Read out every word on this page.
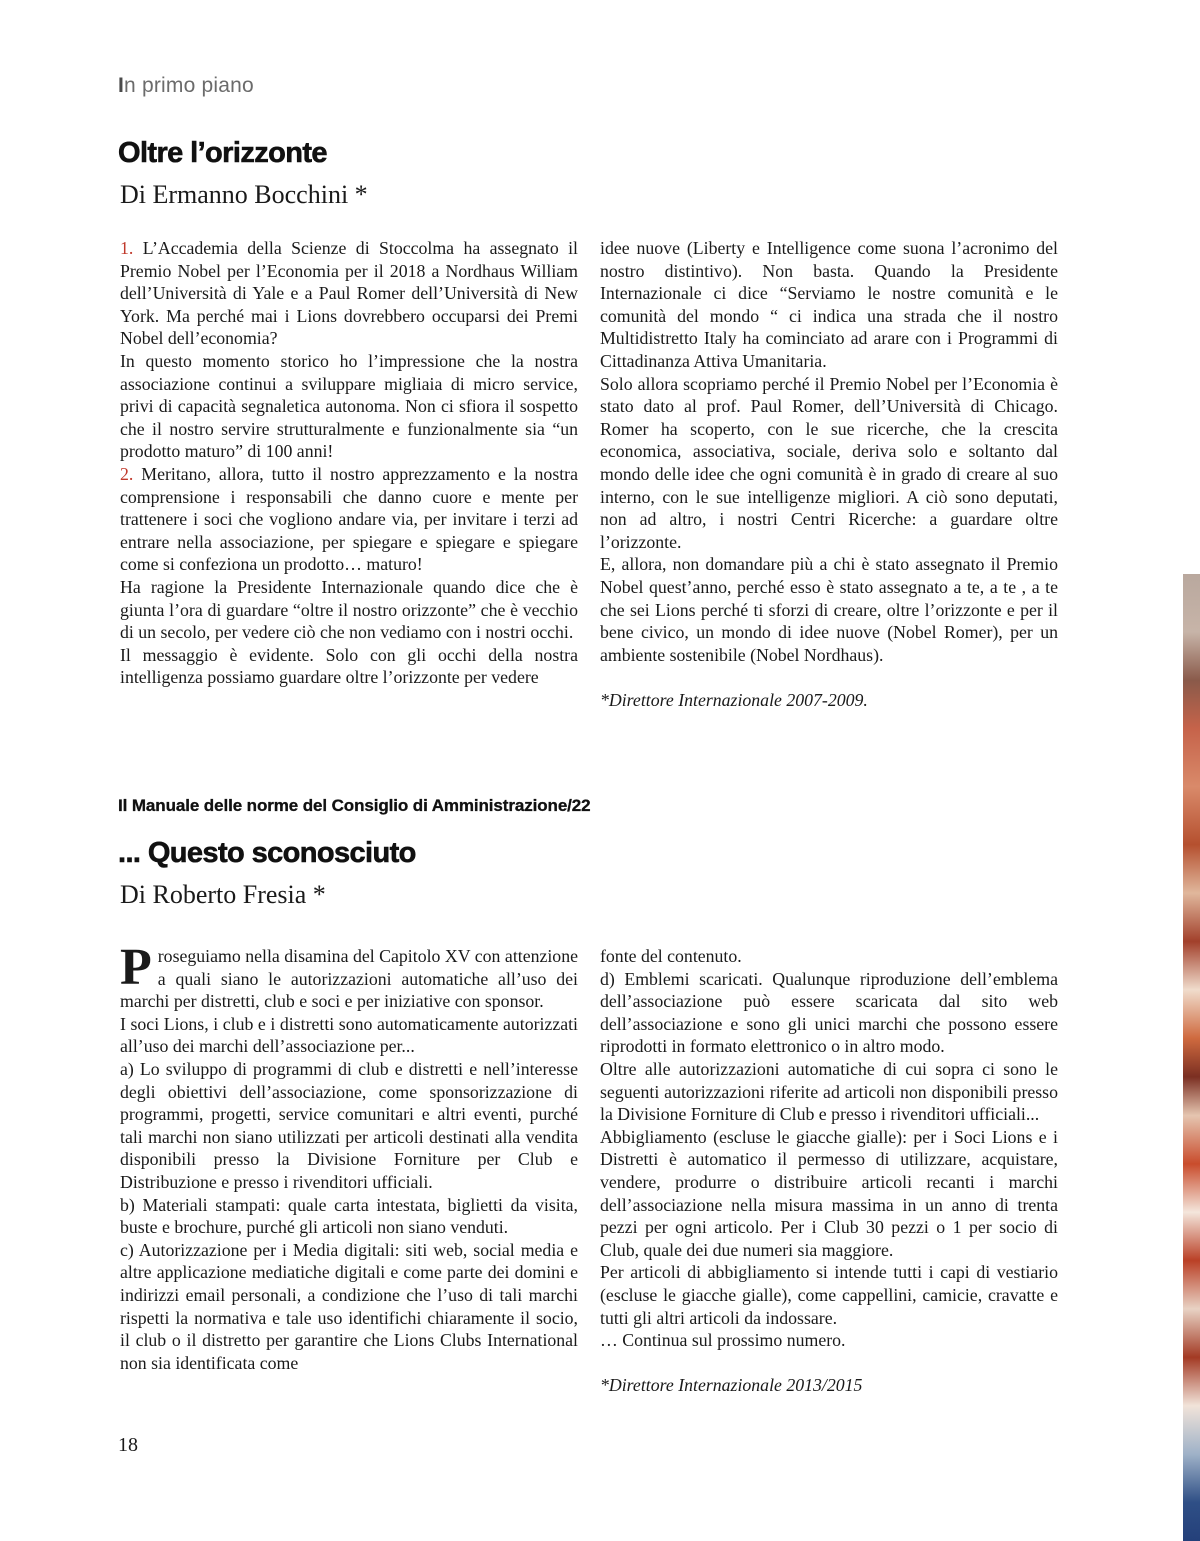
In primo piano
Oltre l’orizzonte
Di Ermanno Bocchini *

1. L’Accademia della Scienze di Stoccolma ha assegnato il Premio Nobel per l’Economia per il 2018 a Nordhaus William dell’Università di Yale e a Paul Romer dell’Università di New York. Ma perché mai i Lions dovrebbero occuparsi dei Premi Nobel dell’economia?

In questo momento storico ho l’impressione che la nostra associazione continui a sviluppare migliaia di micro service, privi di capacità segnaletica autonoma. Non ci sfiora il sospetto che il nostro servire strutturalmente e funzionalmente sia “un prodotto maturo” di 100 anni!

2. Meritano, allora, tutto il nostro apprezzamento e la nostra comprensione i responsabili che danno cuore e mente per trattenere i soci che vogliono andare via, per invitare i terzi ad entrare nella associazione, per spiegare e spiegare e spiegare come si confeziona un prodotto… maturo!

Ha ragione la Presidente Internazionale quando dice che è giunta l’ora di guardare “oltre il nostro orizzonte” che è vecchio di un secolo, per vedere ciò che non vediamo con i nostri occhi.

Il messaggio è evidente. Solo con gli occhi della nostra intelligenza possiamo guardare oltre l’orizzonte per vedere

idee nuove (Liberty e Intelligence come suona l’acronimo del nostro distintivo). Non basta. Quando la Presidente Internazionale ci dice “Serviamo le nostre comunità e le comunità del mondo “ ci indica una strada che il nostro Multidistretto Italy ha cominciato ad arare con i Programmi di Cittadinanza Attiva Umanitaria.

Solo allora scopriamo perché il Premio Nobel per l’Economia è stato dato al prof. Paul Romer, dell’Università di Chicago. Romer ha scoperto, con le sue ricerche, che la crescita economica, associativa, sociale, deriva solo e soltanto dal mondo delle idee che ogni comunità è in grado di creare al suo interno, con le sue intelligenze migliori. A ciò sono deputati, non ad altro, i nostri Centri Ricerche: a guardare oltre l’orizzonte.

E, allora, non domandare più a chi è stato assegnato il Premio Nobel quest’anno, perché esso è stato assegnato a te, a te , a te che sei Lions perché ti sforzi di creare, oltre l’orizzonte e per il bene civico, un mondo di idee nuove (Nobel Romer), per un ambiente sostenibile (Nobel Nordhaus).

*Direttore Internazionale 2007-2009.

Il Manuale delle norme del Consiglio di Amministrazione/22
... Questo sconosciuto
Di Roberto Fresia *

Proseguiamo nella disamina del Capitolo XV con attenzione a quali siano le autorizzazioni automatiche all’uso dei marchi per distretti, club e soci e per iniziative con sponsor.

I soci Lions, i club e i distretti sono automaticamente autorizzati all’uso dei marchi dell’associazione per...

a) Lo sviluppo di programmi di club e distretti e nell’interesse degli obiettivi dell’associazione, come sponsorizzazione di programmi, progetti, service comunitari e altri eventi, purché tali marchi non siano utilizzati per articoli destinati alla vendita disponibili presso la Divisione Forniture per Club e Distribuzione e presso i rivenditori ufficiali.

b) Materiali stampati: quale carta intestata, biglietti da visita, buste e brochure, purché gli articoli non siano venduti.

c) Autorizzazione per i Media digitali: siti web, social media e altre applicazione mediatiche digitali e come parte dei domini e indirizzi email personali, a condizione che l’uso di tali marchi rispetti la normativa e tale uso identifichi chiaramente il socio, il club o il distretto per garantire che Lions Clubs International non sia identificata come

fonte del contenuto.

d) Emblemi scaricati. Qualunque riproduzione dell’emblema dell’associazione può essere scaricata dal sito web dell’associazione e sono gli unici marchi che possono essere riprodotti in formato elettronico o in altro modo.

Oltre alle autorizzazioni automatiche di cui sopra ci sono le seguenti autorizzazioni riferite ad articoli non disponibili presso la Divisione Forniture di Club e presso i rivenditori ufficiali...

Abbigliamento (escluse le giacche gialle): per i Soci Lions e i Distretti è automatico il permesso di utilizzare, acquistare, vendere, produrre o distribuire articoli recanti i marchi dell’associazione nella misura massima in un anno di trenta pezzi per ogni articolo. Per i Club 30 pezzi o 1 per socio di Club, quale dei due numeri sia maggiore.

Per articoli di abbigliamento si intende tutti i capi di vestiario (escluse le giacche gialle), come cappellini, camicie, cravatte e tutti gli altri articoli da indossare.

… Continua sul prossimo numero.

*Direttore Internazionale 2013/2015

18
